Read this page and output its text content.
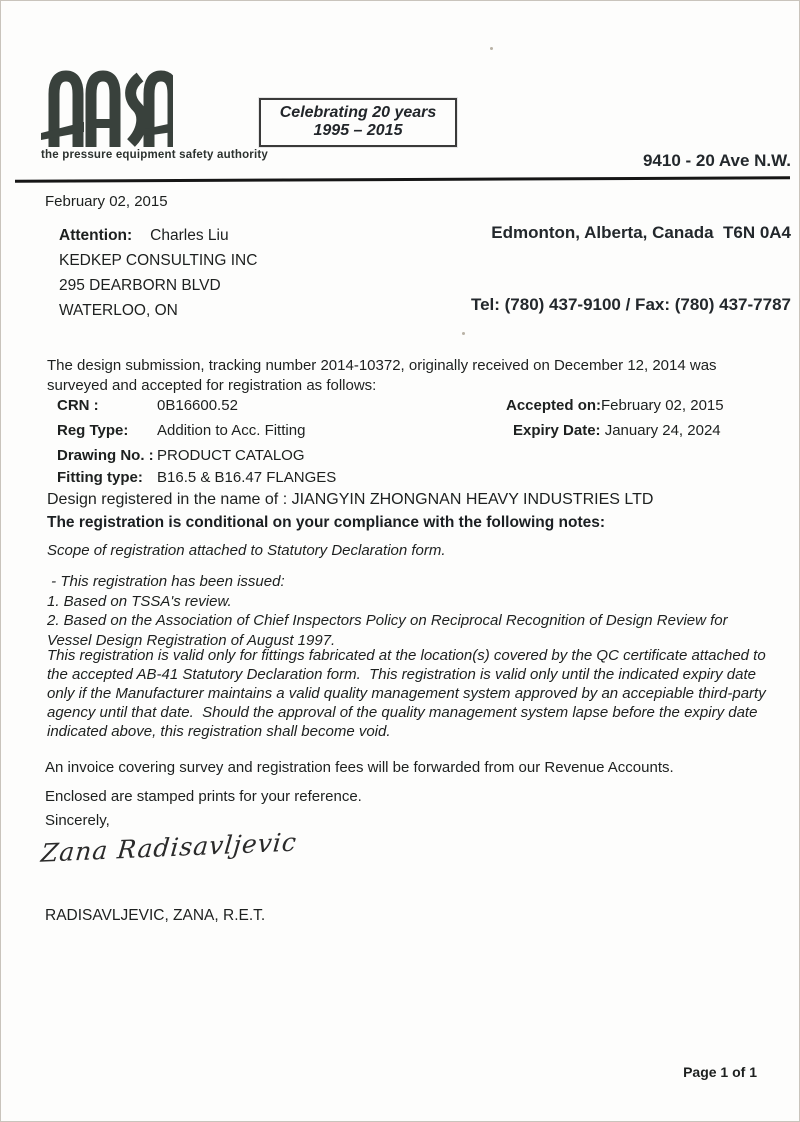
the pressure equipment safety authority
Celebrating 20 years
1995 – 2015

9410 - 20 Ave N.W.

Edmonton, Alberta, Canada  T6N 0A4

Tel: (780) 437-9100 / Fax: (780) 437-7787

February 02, 2015
Attention: Charles Liu
KEDKEP CONSULTING INC
295 DEARBORN BLVD
WATERLOO, ON
The design submission, tracking number 2014-10372, originally received on December 12, 2014 was surveyed and accepted for registration as follows:
CRN :	0B16600.52	Accepted on:February 02, 2015
Reg Type: Addition to Acc. Fitting	Expiry Date: January 24, 2024
Drawing No. : PRODUCT CATALOG
Fitting type: B16.5 & B16.47 FLANGES
Design registered in the name of : JIANGYIN ZHONGNAN HEAVY INDUSTRIES LTD
The registration is conditional on your compliance with the following notes:
Scope of registration attached to Statutory Declaration form.
- This registration has been issued:
1. Based on TSSA's review.
2. Based on the Association of Chief Inspectors Policy on Reciprocal Recognition of Design Review for Vessel Design Registration of August 1997.
This registration is valid only for fittings fabricated at the location(s) covered by the QC certificate attached to the accepted AB-41 Statutory Declaration form.  This registration is valid only until the indicated expiry date only if the Manufacturer maintains a valid quality management system approved by an accepiable third-party agency until that date.  Should the approval of the quality management system lapse before the expiry date indicated above, this registration shall become void.
An invoice covering survey and registration fees will be forwarded from our Revenue Accounts.
Enclosed are stamped prints for your reference.
Sincerely,
Zana Radisavljevic
RADISAVLJEVIC, ZANA, R.E.T.
Page 1 of 1
